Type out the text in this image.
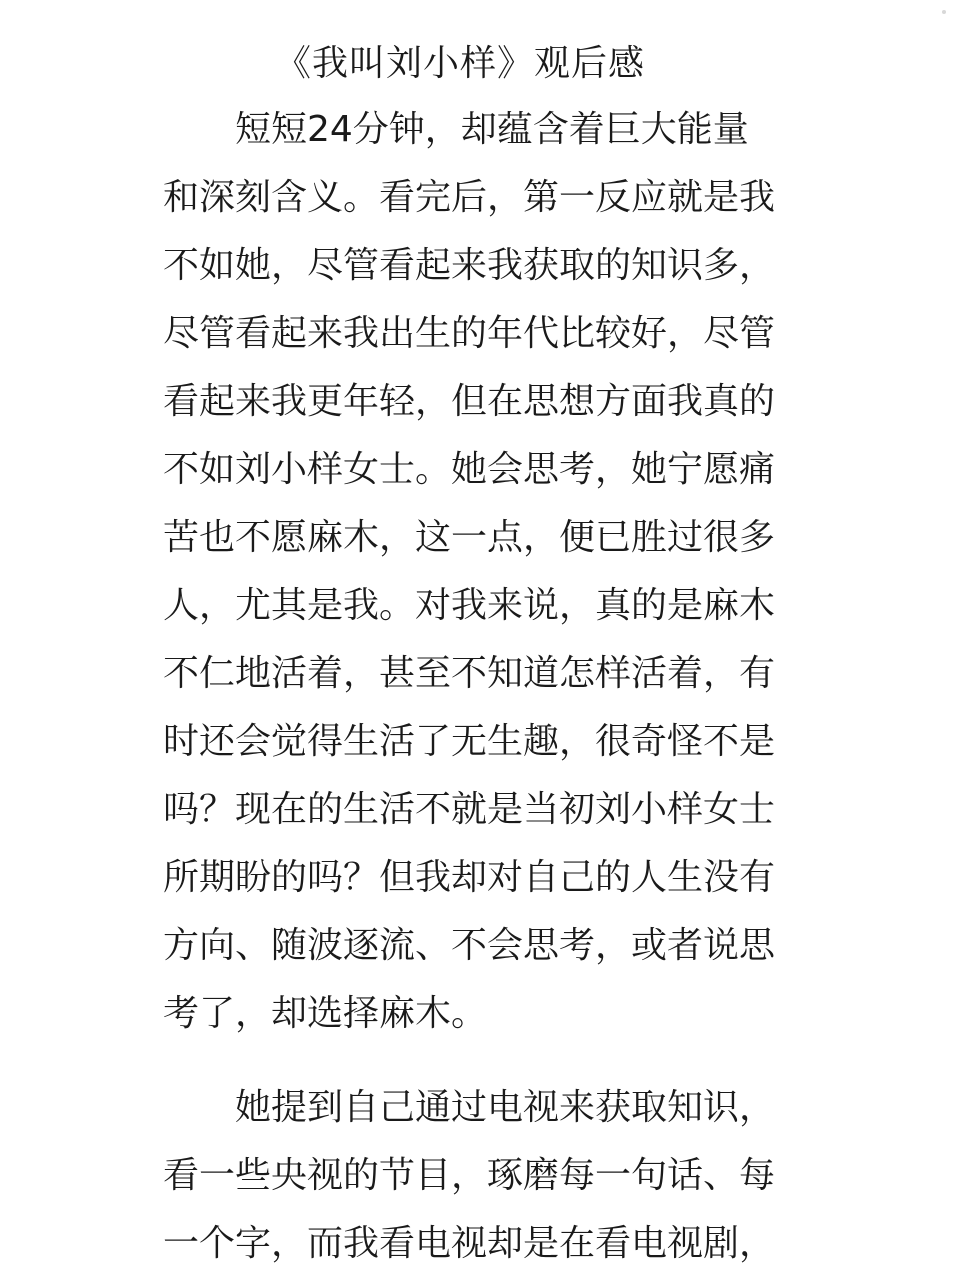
《我叫刘小样》观后感
短短24分钟，却蕴含着巨大能量
和深刻含义。看完后，第一反应就是我
不如她，尽管看起来我获取的知识多，
尽管看起来我出生的年代比较好，尽管
看起来我更年轻，但在思想方面我真的
不如刘小样女士。她会思考，她宁愿痛
苦也不愿麻木，这一点，便已胜过很多
人，尤其是我。对我来说，真的是麻木
不仁地活着，甚至不知道怎样活着，有
时还会觉得生活了无生趣，很奇怪不是
吗？现在的生活不就是当初刘小样女士
所期盼的吗？但我却对自己的人生没有
方向、随波逐流、不会思考，或者说思
考了，却选择麻木。
她提到自己通过电视来获取知识，
看一些央视的节目，琢磨每一句话、每
一个字，而我看电视却是在看电视剧，
